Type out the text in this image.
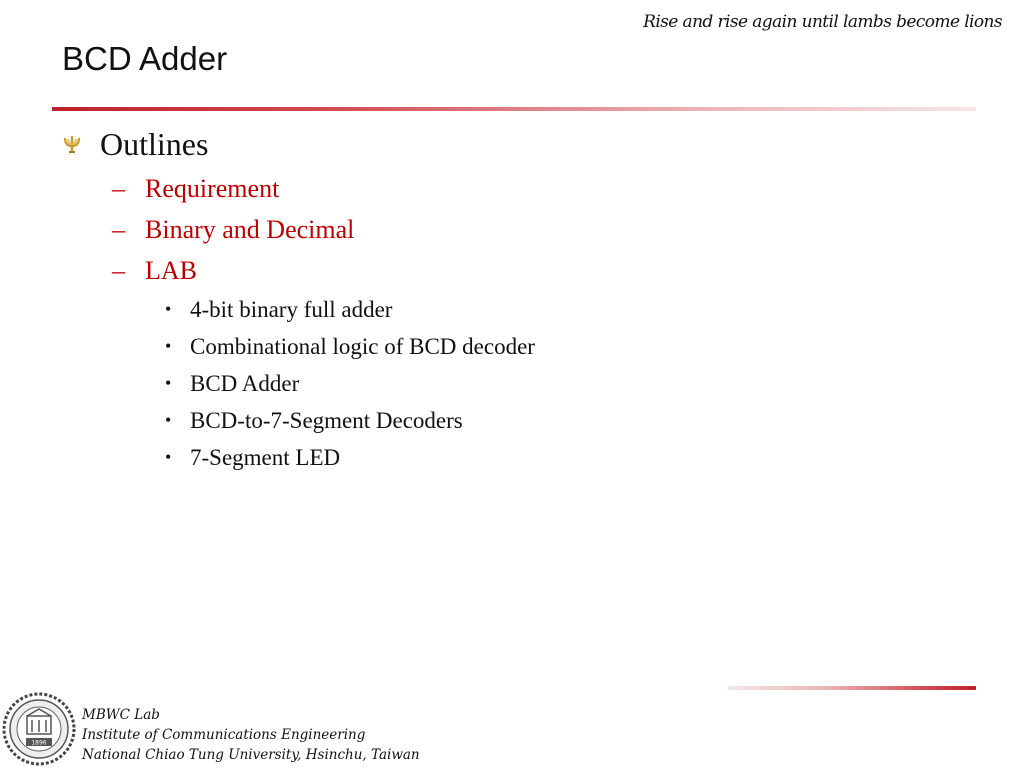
Rise and rise again until lambs become lions
BCD Adder
Outlines
– Requirement
– Binary and Decimal
– LAB
• 4-bit binary full adder
• Combinational logic of BCD decoder
• BCD Adder
• BCD-to-7-Segment Decoders
• 7-Segment LED
1896
MBWC Lab
Institute of Communications Engineering
National Chiao Tung University, Hsinchu, Taiwan
